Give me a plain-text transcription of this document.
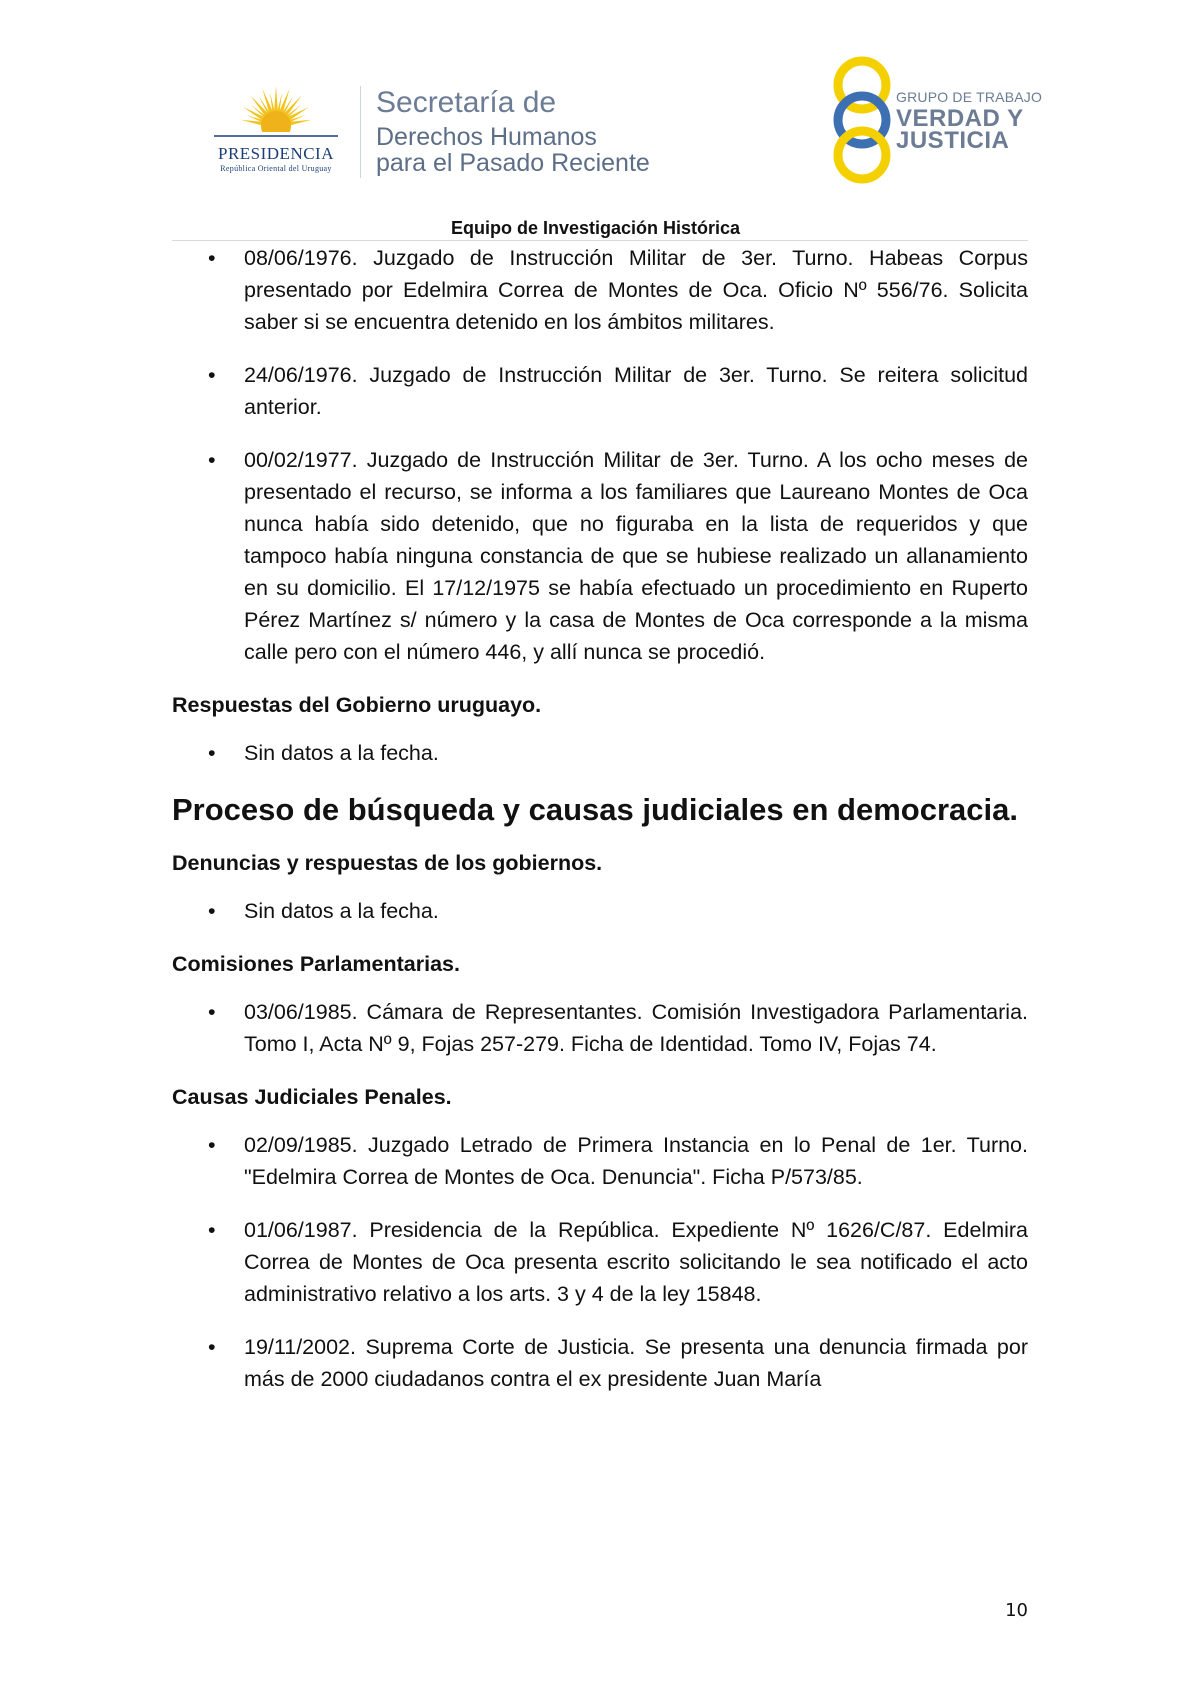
PRESIDENCIA
República Oriental del Uruguay
Secretaría de
Derechos Humanos
para el Pasado Reciente
GRUPO DE TRABAJO
VERDAD Y
JUSTICIA
Equipo de Investigación Histórica
•	08/06/1976. Juzgado de Instrucción Militar de 3er. Turno. Habeas Corpus presentado por Edelmira Correa de Montes de Oca. Oficio Nº 556/76. Solicita saber si se encuentra detenido en los ámbitos militares.
•	24/06/1976. Juzgado de Instrucción Militar de 3er. Turno. Se reitera solicitud anterior.
•	00/02/1977. Juzgado de Instrucción Militar de 3er. Turno. A los ocho meses de presentado el recurso, se informa a los familiares que Laureano Montes de Oca nunca había sido detenido, que no figuraba en la lista de requeridos y que tampoco había ninguna constancia de que se hubiese realizado un allanamiento en su domicilio. El 17/12/1975 se había efectuado un procedimiento en Ruperto Pérez Martínez s/ número y la casa de Montes de Oca corresponde a la misma calle pero con el número 446, y allí nunca se procedió.
Respuestas del Gobierno uruguayo.
•	Sin datos a la fecha.
Proceso de búsqueda y causas judiciales en democracia.
Denuncias y respuestas de los gobiernos.
•	Sin datos a la fecha.
Comisiones Parlamentarias.
•	03/06/1985. Cámara de Representantes. Comisión Investigadora Parlamentaria. Tomo I, Acta Nº 9, Fojas 257-279. Ficha de Identidad. Tomo IV, Fojas 74.
Causas Judiciales Penales.
•	02/09/1985. Juzgado Letrado de Primera Instancia en lo Penal de 1er. Turno. "Edelmira Correa de Montes de Oca. Denuncia". Ficha P/573/85.
•	01/06/1987. Presidencia de la República. Expediente Nº 1626/C/87. Edelmira Correa de Montes de Oca presenta escrito solicitando le sea notificado el acto administrativo relativo a los arts. 3 y 4 de la ley 15848.
•	19/11/2002. Suprema Corte de Justicia. Se presenta una denuncia firmada por más de 2000 ciudadanos contra el ex presidente Juan María
10
